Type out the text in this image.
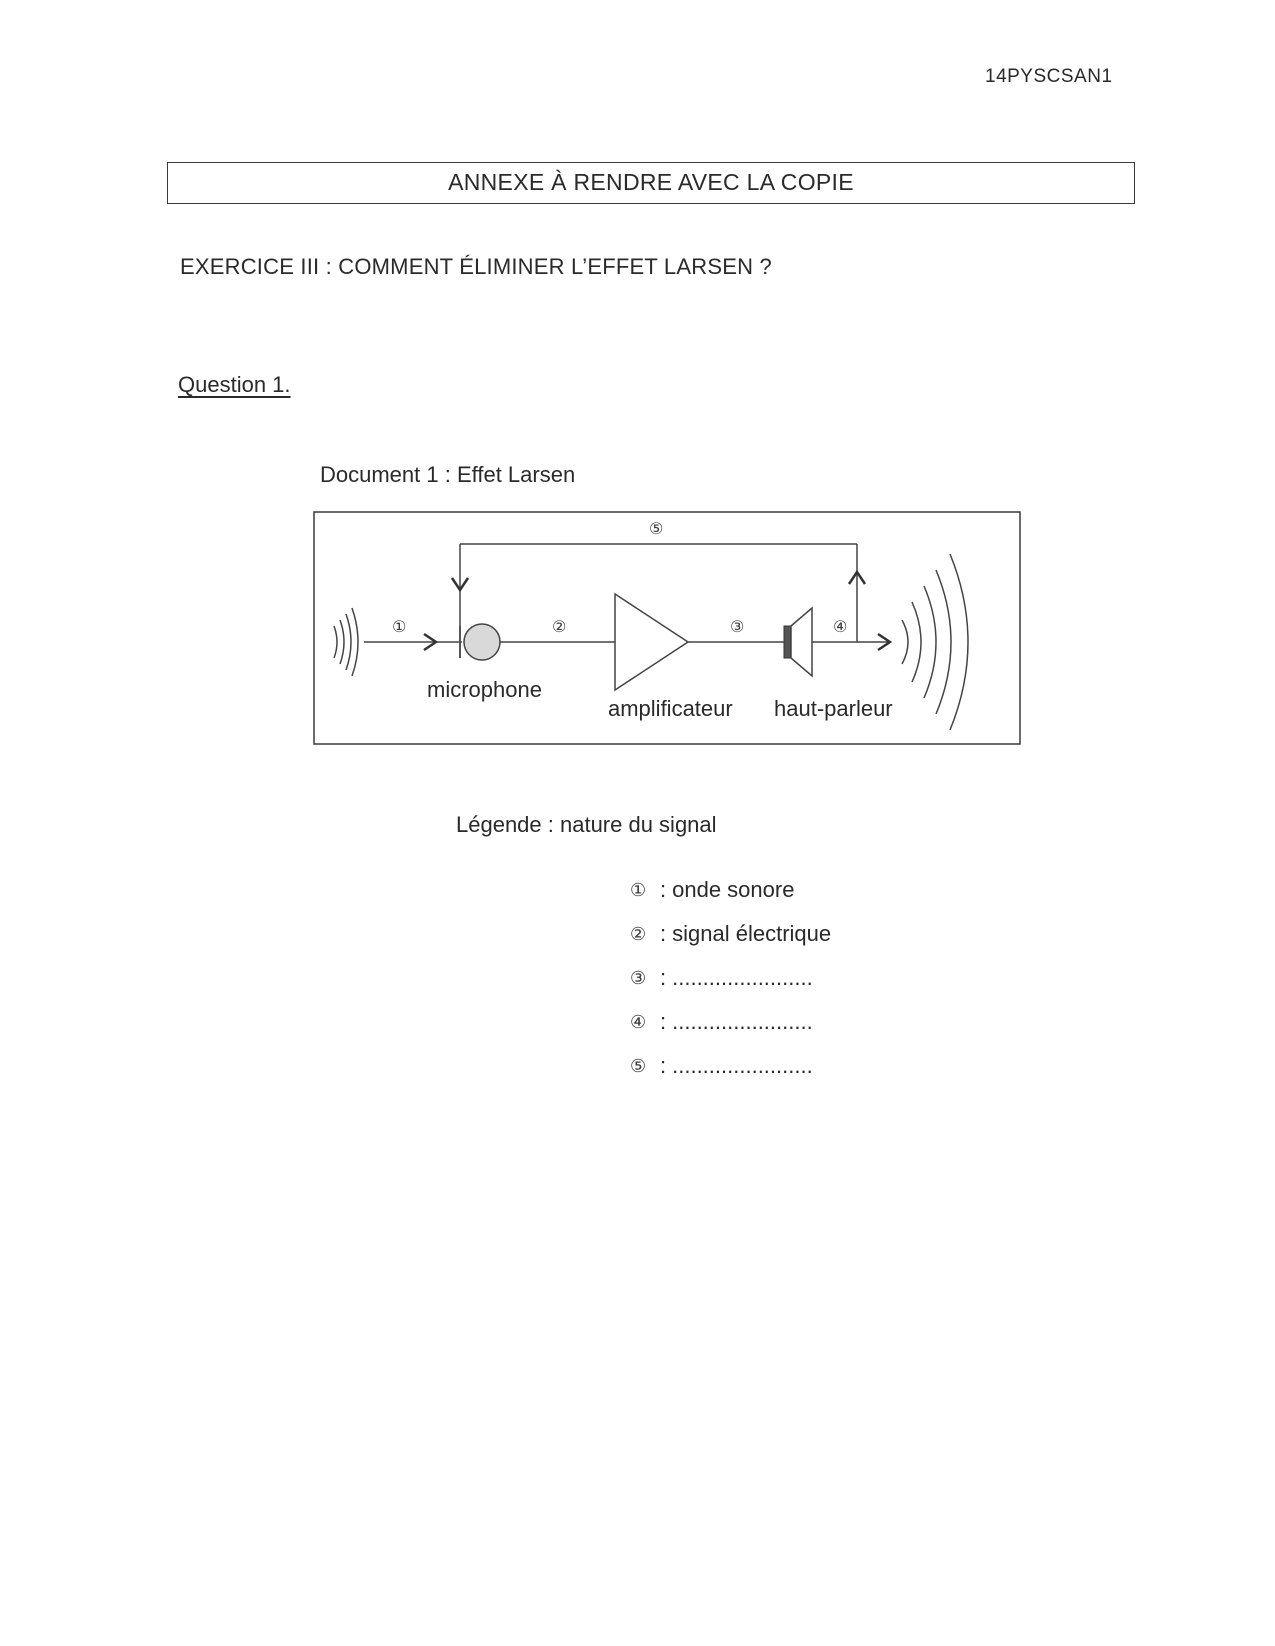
14PYSCSAN1
ANNEXE À RENDRE AVEC LA COPIE
EXERCICE III : COMMENT ÉLIMINER L’EFFET LARSEN ?
Question 1.
Document 1 : Effet Larsen
①
microphone
②
amplificateur
③
haut-parleur
④
⑤
Légende : nature du signal
① : onde sonore
② : signal électrique
③ : .......................
④ : .......................
⑤ : .......................
